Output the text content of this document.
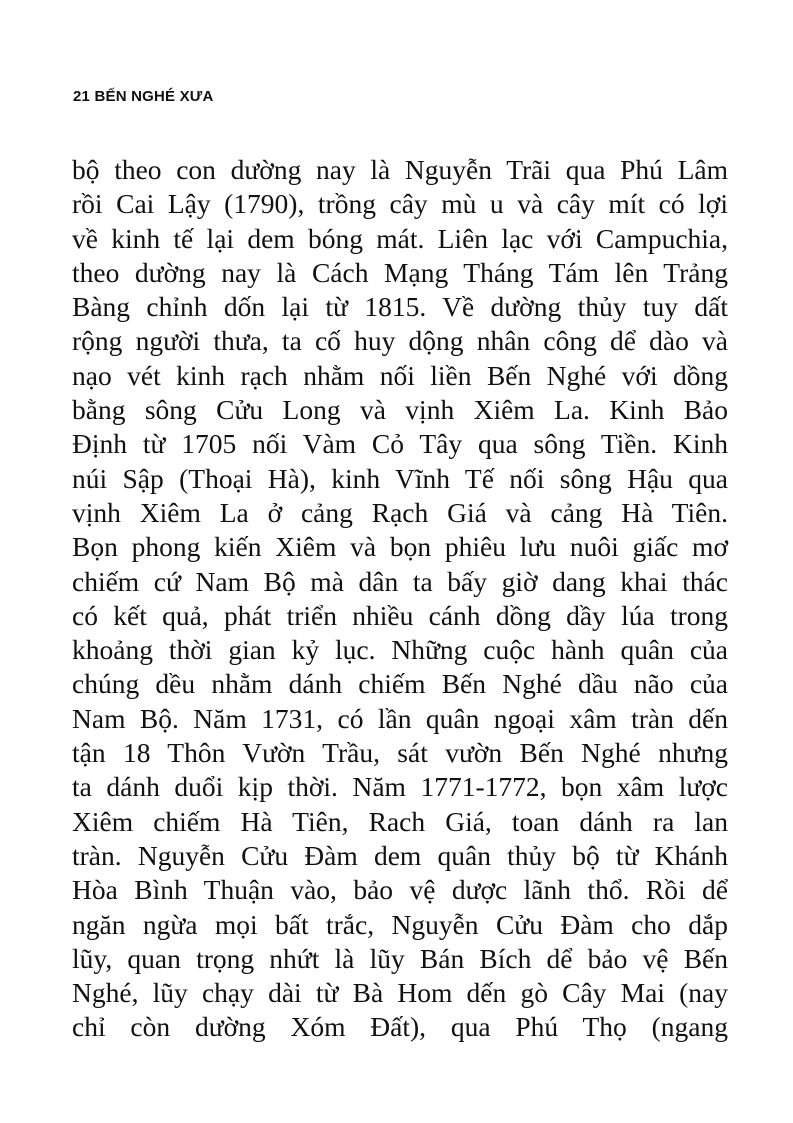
21 BẾN NGHÉ XƯA
bộ theo con dường nay là Nguyễn Trãi qua Phú Lâm
rồi Cai Lậy (1790), trồng cây mù u và cây mít có lợi
về kinh tế lại dem bóng mát. Liên lạc với Campuchia,
theo dường nay là Cách Mạng Tháng Tám lên Trảng
Bàng chỉnh dốn lại từ 1815. Về dường thủy tuy dất
rộng người thưa, ta cố huy dộng nhân công dể dào và
nạo vét kinh rạch nhằm nối liền Bến Nghé với dồng
bằng sông Cửu Long và vịnh Xiêm La. Kinh Bảo
Định từ 1705 nối Vàm Cỏ Tây qua sông Tiền. Kinh
núi Sập (Thoại Hà), kinh Vĩnh Tế nối sông Hậu qua
vịnh Xiêm La ở cảng Rạch Giá và cảng Hà Tiên.
Bọn phong kiến Xiêm và bọn phiêu lưu nuôi giấc mơ
chiếm cứ Nam Bộ mà dân ta bấy giờ dang khai thác
có kết quả, phát triển nhiều cánh dồng dầy lúa trong
khoảng thời gian kỷ lục. Những cuộc hành quân của
chúng dều nhằm dánh chiếm Bến Nghé dầu não của
Nam Bộ. Năm 1731, có lần quân ngoại xâm tràn dến
tận 18 Thôn Vườn Trầu, sát vườn Bến Nghé nhưng
ta dánh duổi kịp thời. Năm 1771-1772, bọn xâm lược
Xiêm chiếm Hà Tiên, Rach Giá, toan dánh ra lan
tràn. Nguyễn Cửu Đàm dem quân thủy bộ từ Khánh
Hòa Bình Thuận vào, bảo vệ dược lãnh thổ. Rồi dể
ngăn ngừa mọi bất trắc, Nguyễn Cửu Đàm cho dắp
lũy, quan trọng nhứt là lũy Bán Bích dể bảo vệ Bến
Nghé, lũy chạy dài từ Bà Hom dến gò Cây Mai (nay
chỉ còn dường Xóm Đất), qua Phú Thọ (ngang
